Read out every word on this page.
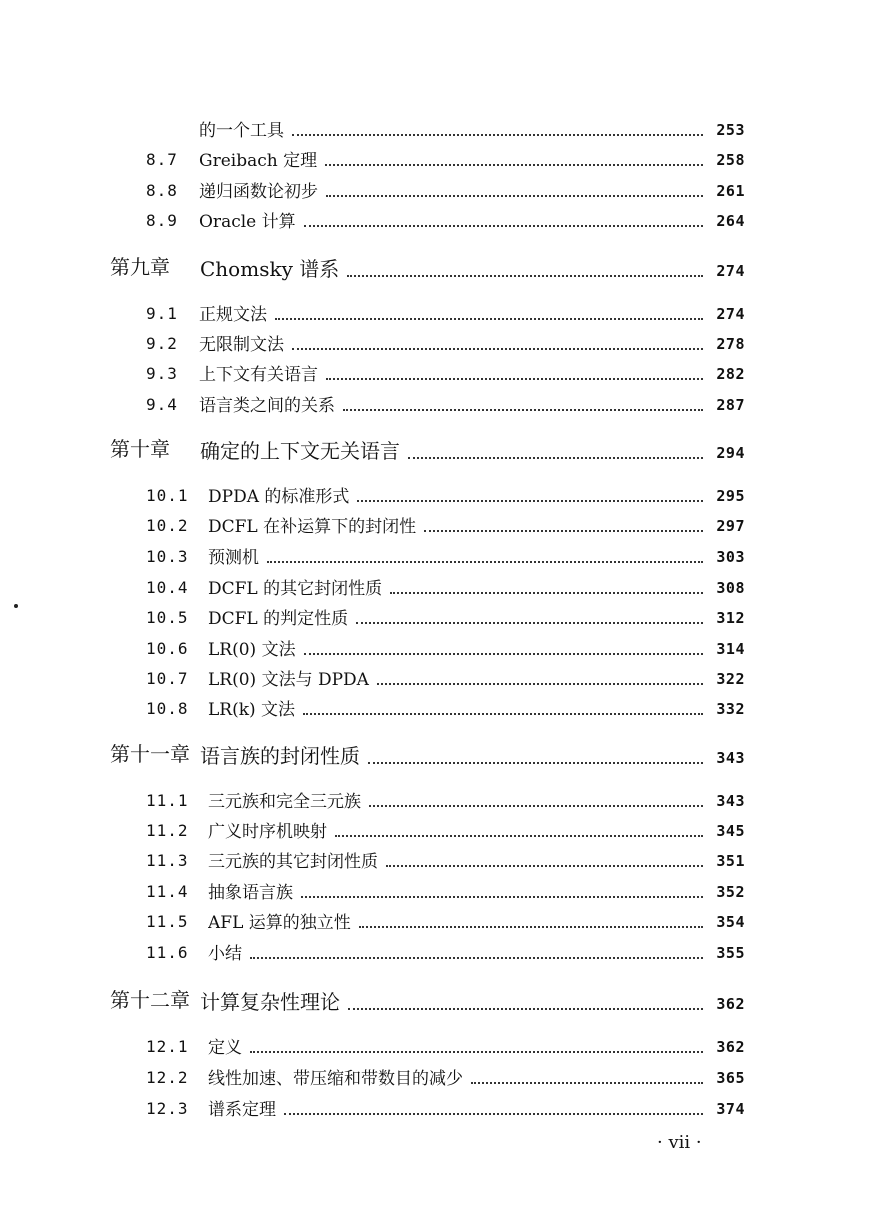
的一个工具	253
8.7	Greibach 定理	258
8.8	递归函数论初步	261
8.9	Oracle 计算	264
第九章	Chomsky 谱系	274
9.1	正规文法	274
9.2	无限制文法	278
9.3	上下文有关语言	282
9.4	语言类之间的关系	287
第十章	确定的上下文无关语言	294
10.1	DPDA 的标准形式	295
10.2	DCFL 在补运算下的封闭性	297
10.3	预测机	303
10.4	DCFL 的其它封闭性质	308
10.5	DCFL 的判定性质	312
10.6	LR(0) 文法	314
10.7	LR(0) 文法与 DPDA	322
10.8	LR(k) 文法	332
第十一章 语言族的封闭性质	343
11.1	三元族和完全三元族	343
11.2	广义时序机映射	345
11.3	三元族的其它封闭性质	351
11.4	抽象语言族	352
11.5	AFL 运算的独立性	354
11.6	小结	355
第十二章 计算复杂性理论	362
12.1	定义	362
12.2	线性加速、带压缩和带数目的减少	365
12.3	谱系定理	374
· vii ·
